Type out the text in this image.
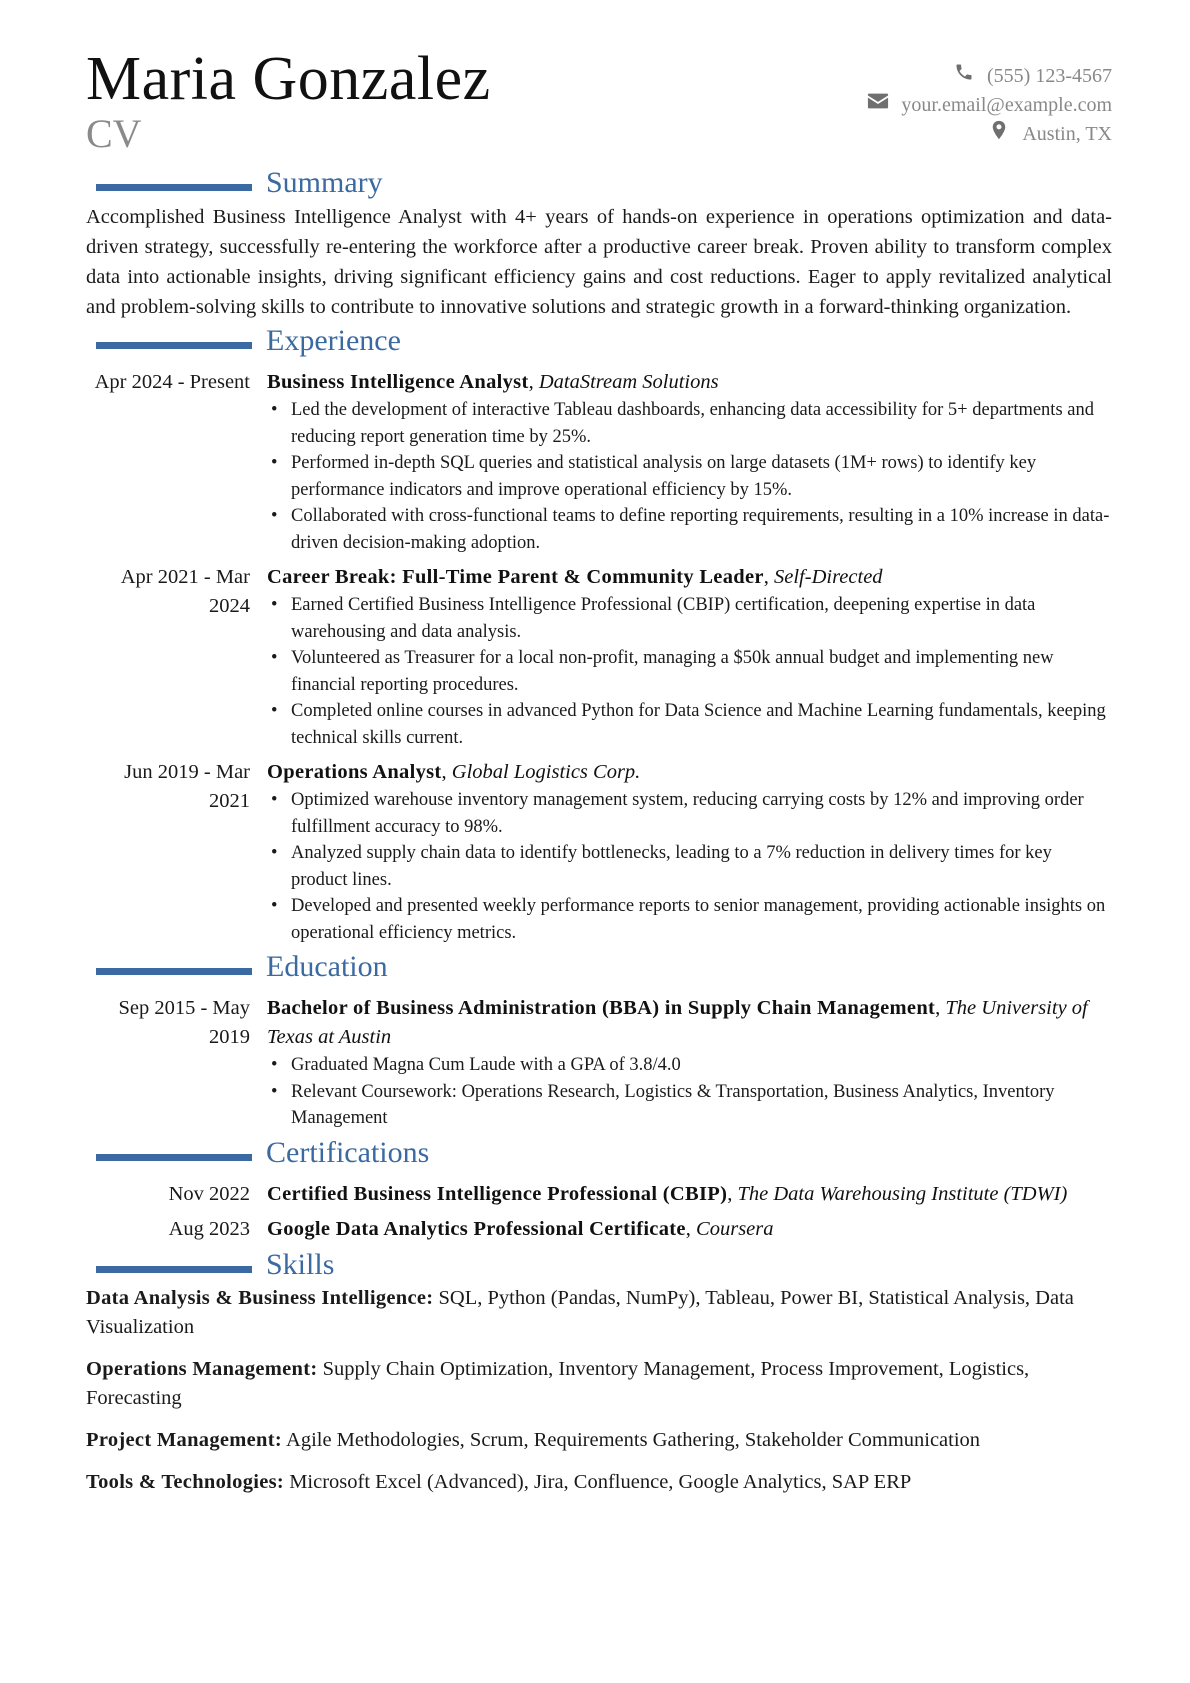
Maria Gonzalez
CV
(555) 123-4567
your.email@example.com
Austin, TX
Summary
Accomplished Business Intelligence Analyst with 4+ years of hands-on experience in operations optimization and data-driven strategy, successfully re-entering the workforce after a productive career break. Proven ability to transform complex data into actionable insights, driving significant efficiency gains and cost reductions. Eager to apply revitalized analytical and problem-solving skills to contribute to innovative solutions and strategic growth in a forward-thinking organization.
Experience
Apr 2024 - Present Business Intelligence Analyst, DataStream Solutions
• Led the development of interactive Tableau dashboards, enhancing data accessibility for 5+ departments and reducing report generation time by 25%.
• Performed in-depth SQL queries and statistical analysis on large datasets (1M+ rows) to identify key performance indicators and improve operational efficiency by 15%.
• Collaborated with cross-functional teams to define reporting requirements, resulting in a 10% increase in data-driven decision-making adoption.
Apr 2021 - Mar 2024
Career Break: Full-Time Parent & Community Leader, Self-Directed
• Earned Certified Business Intelligence Professional (CBIP) certification, deepening expertise in data warehousing and data analysis.
• Volunteered as Treasurer for a local non-profit, managing a $50k annual budget and implementing new financial reporting procedures.
• Completed online courses in advanced Python for Data Science and Machine Learning fundamentals, keeping technical skills current.
Jun 2019 - Mar 2021
Operations Analyst, Global Logistics Corp.
• Optimized warehouse inventory management system, reducing carrying costs by 12% and improving order fulfillment accuracy to 98%.
• Analyzed supply chain data to identify bottlenecks, leading to a 7% reduction in delivery times for key product lines.
• Developed and presented weekly performance reports to senior management, providing actionable insights on operational efficiency metrics.
Education
Sep 2015 - May 2019
Bachelor of Business Administration (BBA) in Supply Chain Management, The University of Texas at Austin
• Graduated Magna Cum Laude with a GPA of 3.8/4.0
• Relevant Coursework: Operations Research, Logistics & Transportation, Business Analytics, Inventory Management
Certifications
Nov 2022 Certified Business Intelligence Professional (CBIP), The Data Warehousing Institute (TDWI)
Aug 2023 Google Data Analytics Professional Certificate, Coursera
Skills
Data Analysis & Business Intelligence: SQL, Python (Pandas, NumPy), Tableau, Power BI, Statistical Analysis, Data Visualization
Operations Management: Supply Chain Optimization, Inventory Management, Process Improvement, Logistics, Forecasting
Project Management: Agile Methodologies, Scrum, Requirements Gathering, Stakeholder Communication
Tools & Technologies: Microsoft Excel (Advanced), Jira, Confluence, Google Analytics, SAP ERP
